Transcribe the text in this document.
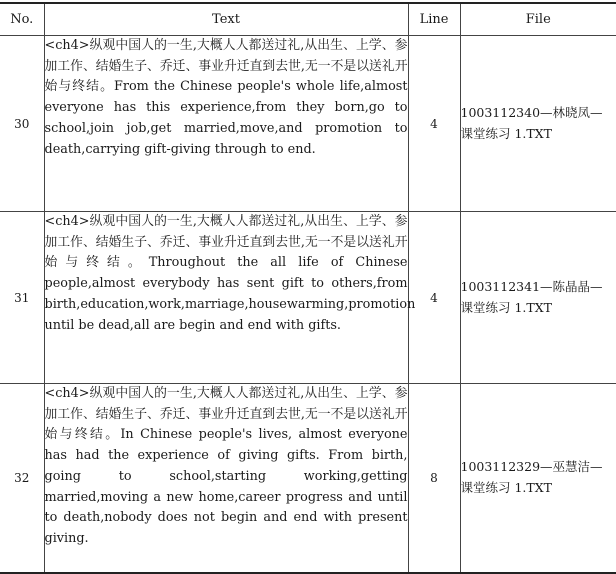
No.	Text	Line	File
30	<ch4>纵观中国人的一生,大概人人都送过礼,从出生、上学、参加工作、结婚生子、乔迁、事业升迁直到去世,无一不是以送礼开始与终结。From the Chinese people's whole life,almost everyone has this experience,from they born,go to school,join job,get married,move,and promotion to death,carrying gift-giving through to end.	4	1003112340—林晓凤—
课堂练习 1.TXT
31	<ch4>纵观中国人的一生,大概人人都送过礼,从出生、上学、参加工作、结婚生子、乔迁、事业升迁直到去世,无一不是以送礼开始与终结。Throughout the all life of Chinese people,almost everybody has sent gift to others,from birth,education,work,marriage,housewarming,promotion until be dead,all are begin and end with gifts.	4	1003112341—陈晶晶—
课堂练习 1.TXT
32	<ch4>纵观中国人的一生,大概人人都送过礼,从出生、上学、参加工作、结婚生子、乔迁、事业升迁直到去世,无一不是以送礼开始与终结。In Chinese people's lives, almost everyone has had the experience of giving gifts. From birth, going to school,starting working,getting married,moving a new home,career progress and until to death,nobody does not begin and end with present giving.	8	1003112329—巫慧洁—
课堂练习 1.TXT
